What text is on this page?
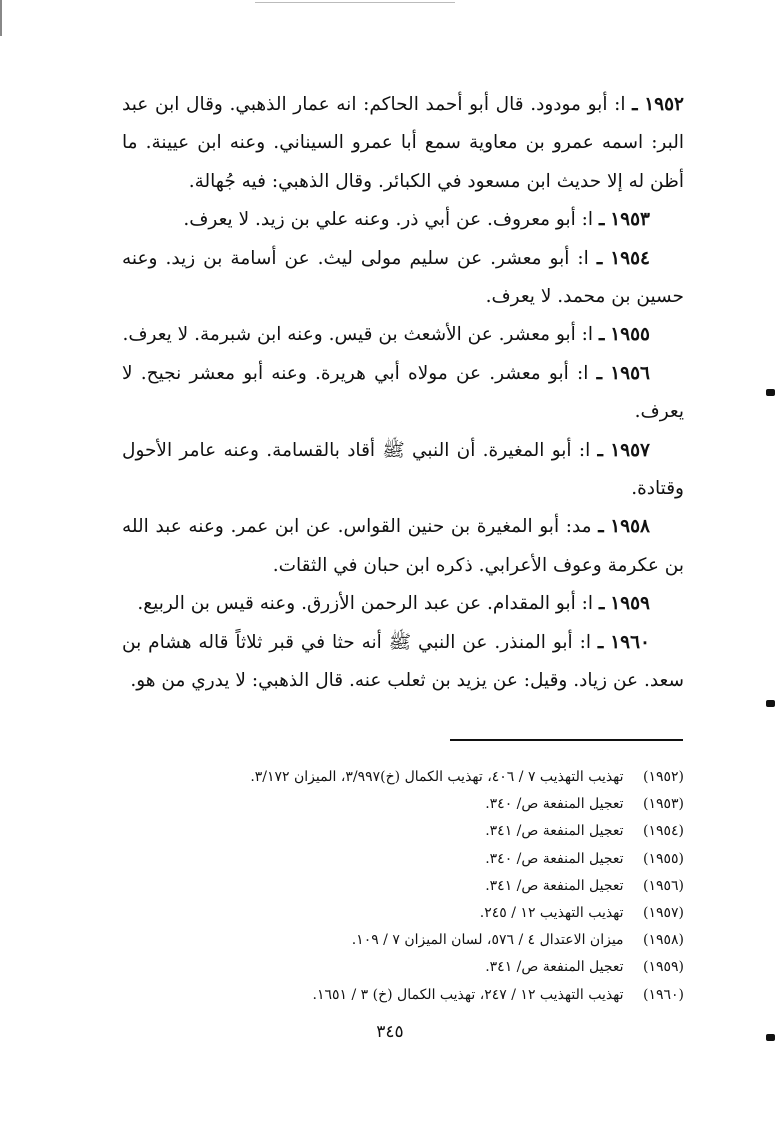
١٩٥٢ ـ ا: أبو مودود. قال أبو أحمد الحاكم: انه عمار الذهبي. وقال ابن عبد البر: اسمه عمرو بن معاوية سمع أبا عمرو السيناني. وعنه ابن عيينة. ما أظن له إلا حديث ابن مسعود في الكبائر. وقال الذهبي: فيه جُهالة.

١٩٥٣ ـ ا: أبو معروف. عن أبي ذر. وعنه علي بن زيد. لا يعرف.

١٩٥٤ ـ ا: أبو معشر. عن سليم مولى ليث. عن أسامة بن زيد. وعنه حسين بن محمد. لا يعرف.

١٩٥٥ ـ ا: أبو معشر. عن الأشعث بن قيس. وعنه ابن شبرمة. لا يعرف.

١٩٥٦ ـ ا: أبو معشر. عن مولاه أبي هريرة. وعنه أبو معشر نجيح. لا يعرف.

١٩٥٧ ـ ا: أبو المغيرة. أن النبي ﷺ أقاد بالقسامة. وعنه عامر الأحول وقتادة.

١٩٥٨ ـ مد: أبو المغيرة بن حنين القواس. عن ابن عمر. وعنه عبد الله بن عكرمة وعوف الأعرابي. ذكره ابن حبان في الثقات.

١٩٥٩ ـ ا: أبو المقدام. عن عبد الرحمن الأزرق. وعنه قيس بن الربيع.

١٩٦٠ ـ ا: أبو المنذر. عن النبي ﷺ أنه حثا في قبر ثلاثاً قاله هشام بن سعد. عن زياد. وقيل: عن يزيد بن ثعلب عنه. قال الذهبي: لا يدري من هو.

(١٩٥٢) تهذيب التهذيب ٧ / ٤٠٦، تهذيب الكمال (خ)٣/٩٩٧، الميزان ٣/١٧٢.

(١٩٥٣) تعجيل المنفعة ص/ ٣٤٠.

(١٩٥٤) تعجيل المنفعة ص/ ٣٤١.

(١٩٥٥) تعجيل المنفعة ص/ ٣٤٠.

(١٩٥٦) تعجيل المنفعة ص/ ٣٤١.

(١٩٥٧) تهذيب التهذيب ١٢ / ٢٤٥.

(١٩٥٨) ميزان الاعتدال ٤ / ٥٧٦، لسان الميزان ٧ / ١٠٩.

(١٩٥٩) تعجيل المنفعة ص/ ٣٤١.

(١٩٦٠) تهذيب التهذيب ١٢ / ٢٤٧، تهذيب الكمال (خ) ٣ / ١٦٥١.

٣٤٥
